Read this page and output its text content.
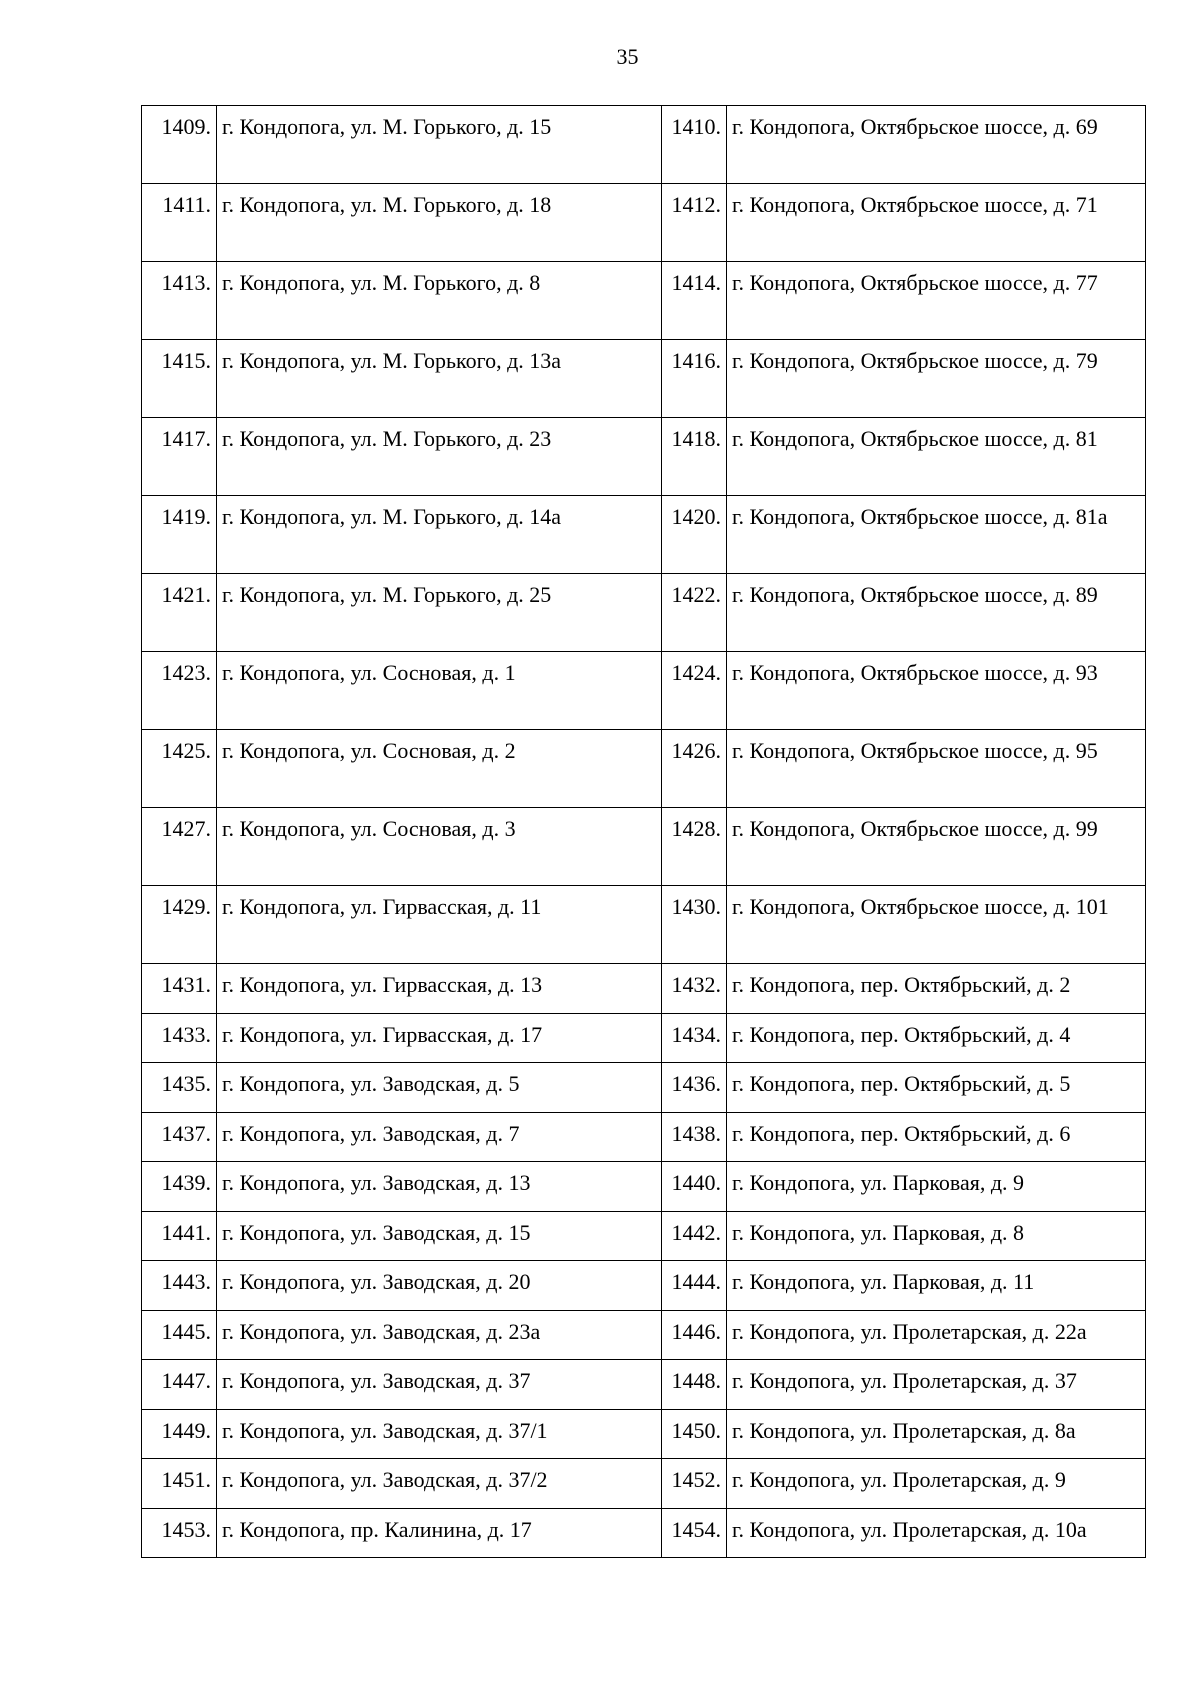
35
1409.	г. Кондопога, ул. М. Горького, д. 15	1410.	г. Кондопога, Октябрьское шоссе, д. 69
1411.	г. Кондопога, ул. М. Горького, д. 18	1412.	г. Кондопога, Октябрьское шоссе, д. 71
1413.	г. Кондопога, ул. М. Горького, д. 8	1414.	г. Кондопога, Октябрьское шоссе, д. 77
1415.	г. Кондопога, ул. М. Горького, д. 13а	1416.	г. Кондопога, Октябрьское шоссе, д. 79
1417.	г. Кондопога, ул. М. Горького, д. 23	1418.	г. Кондопога, Октябрьское шоссе, д. 81
1419.	г. Кондопога, ул. М. Горького, д. 14а	1420.	г. Кондопога, Октябрьское шоссе, д. 81а
1421.	г. Кондопога, ул. М. Горького, д. 25	1422.	г. Кондопога, Октябрьское шоссе, д. 89
1423.	г. Кондопога, ул. Сосновая, д. 1	1424.	г. Кондопога, Октябрьское шоссе, д. 93
1425.	г. Кондопога, ул. Сосновая, д. 2	1426.	г. Кондопога, Октябрьское шоссе, д. 95
1427.	г. Кондопога, ул. Сосновая, д. 3	1428.	г. Кондопога, Октябрьское шоссе, д. 99
1429.	г. Кондопога, ул. Гирвасская, д. 11	1430.	г. Кондопога, Октябрьское шоссе, д. 101
1431.	г. Кондопога, ул. Гирвасская, д. 13	1432.	г. Кондопога, пер. Октябрьский, д. 2
1433.	г. Кондопога, ул. Гирвасская, д. 17	1434.	г. Кондопога, пер. Октябрьский, д. 4
1435.	г. Кондопога, ул. Заводская, д. 5	1436.	г. Кондопога, пер. Октябрьский, д. 5
1437.	г. Кондопога, ул. Заводская, д. 7	1438.	г. Кондопога, пер. Октябрьский, д. 6
1439.	г. Кондопога, ул. Заводская, д. 13	1440.	г. Кондопога, ул. Парковая, д. 9
1441.	г. Кондопога, ул. Заводская, д. 15	1442.	г. Кондопога, ул. Парковая, д. 8
1443.	г. Кондопога, ул. Заводская, д. 20	1444.	г. Кондопога, ул. Парковая, д. 11
1445.	г. Кондопога, ул. Заводская, д. 23а	1446.	г. Кондопога, ул. Пролетарская, д. 22а
1447.	г. Кондопога, ул. Заводская, д. 37	1448.	г. Кондопога, ул. Пролетарская, д. 37
1449.	г. Кондопога, ул. Заводская, д. 37/1	1450.	г. Кондопога, ул. Пролетарская, д. 8а
1451.	г. Кондопога, ул. Заводская, д. 37/2	1452.	г. Кондопога, ул. Пролетарская, д. 9
1453.	г. Кондопога, пр. Калинина, д. 17	1454.	г. Кондопога, ул. Пролетарская, д. 10а
